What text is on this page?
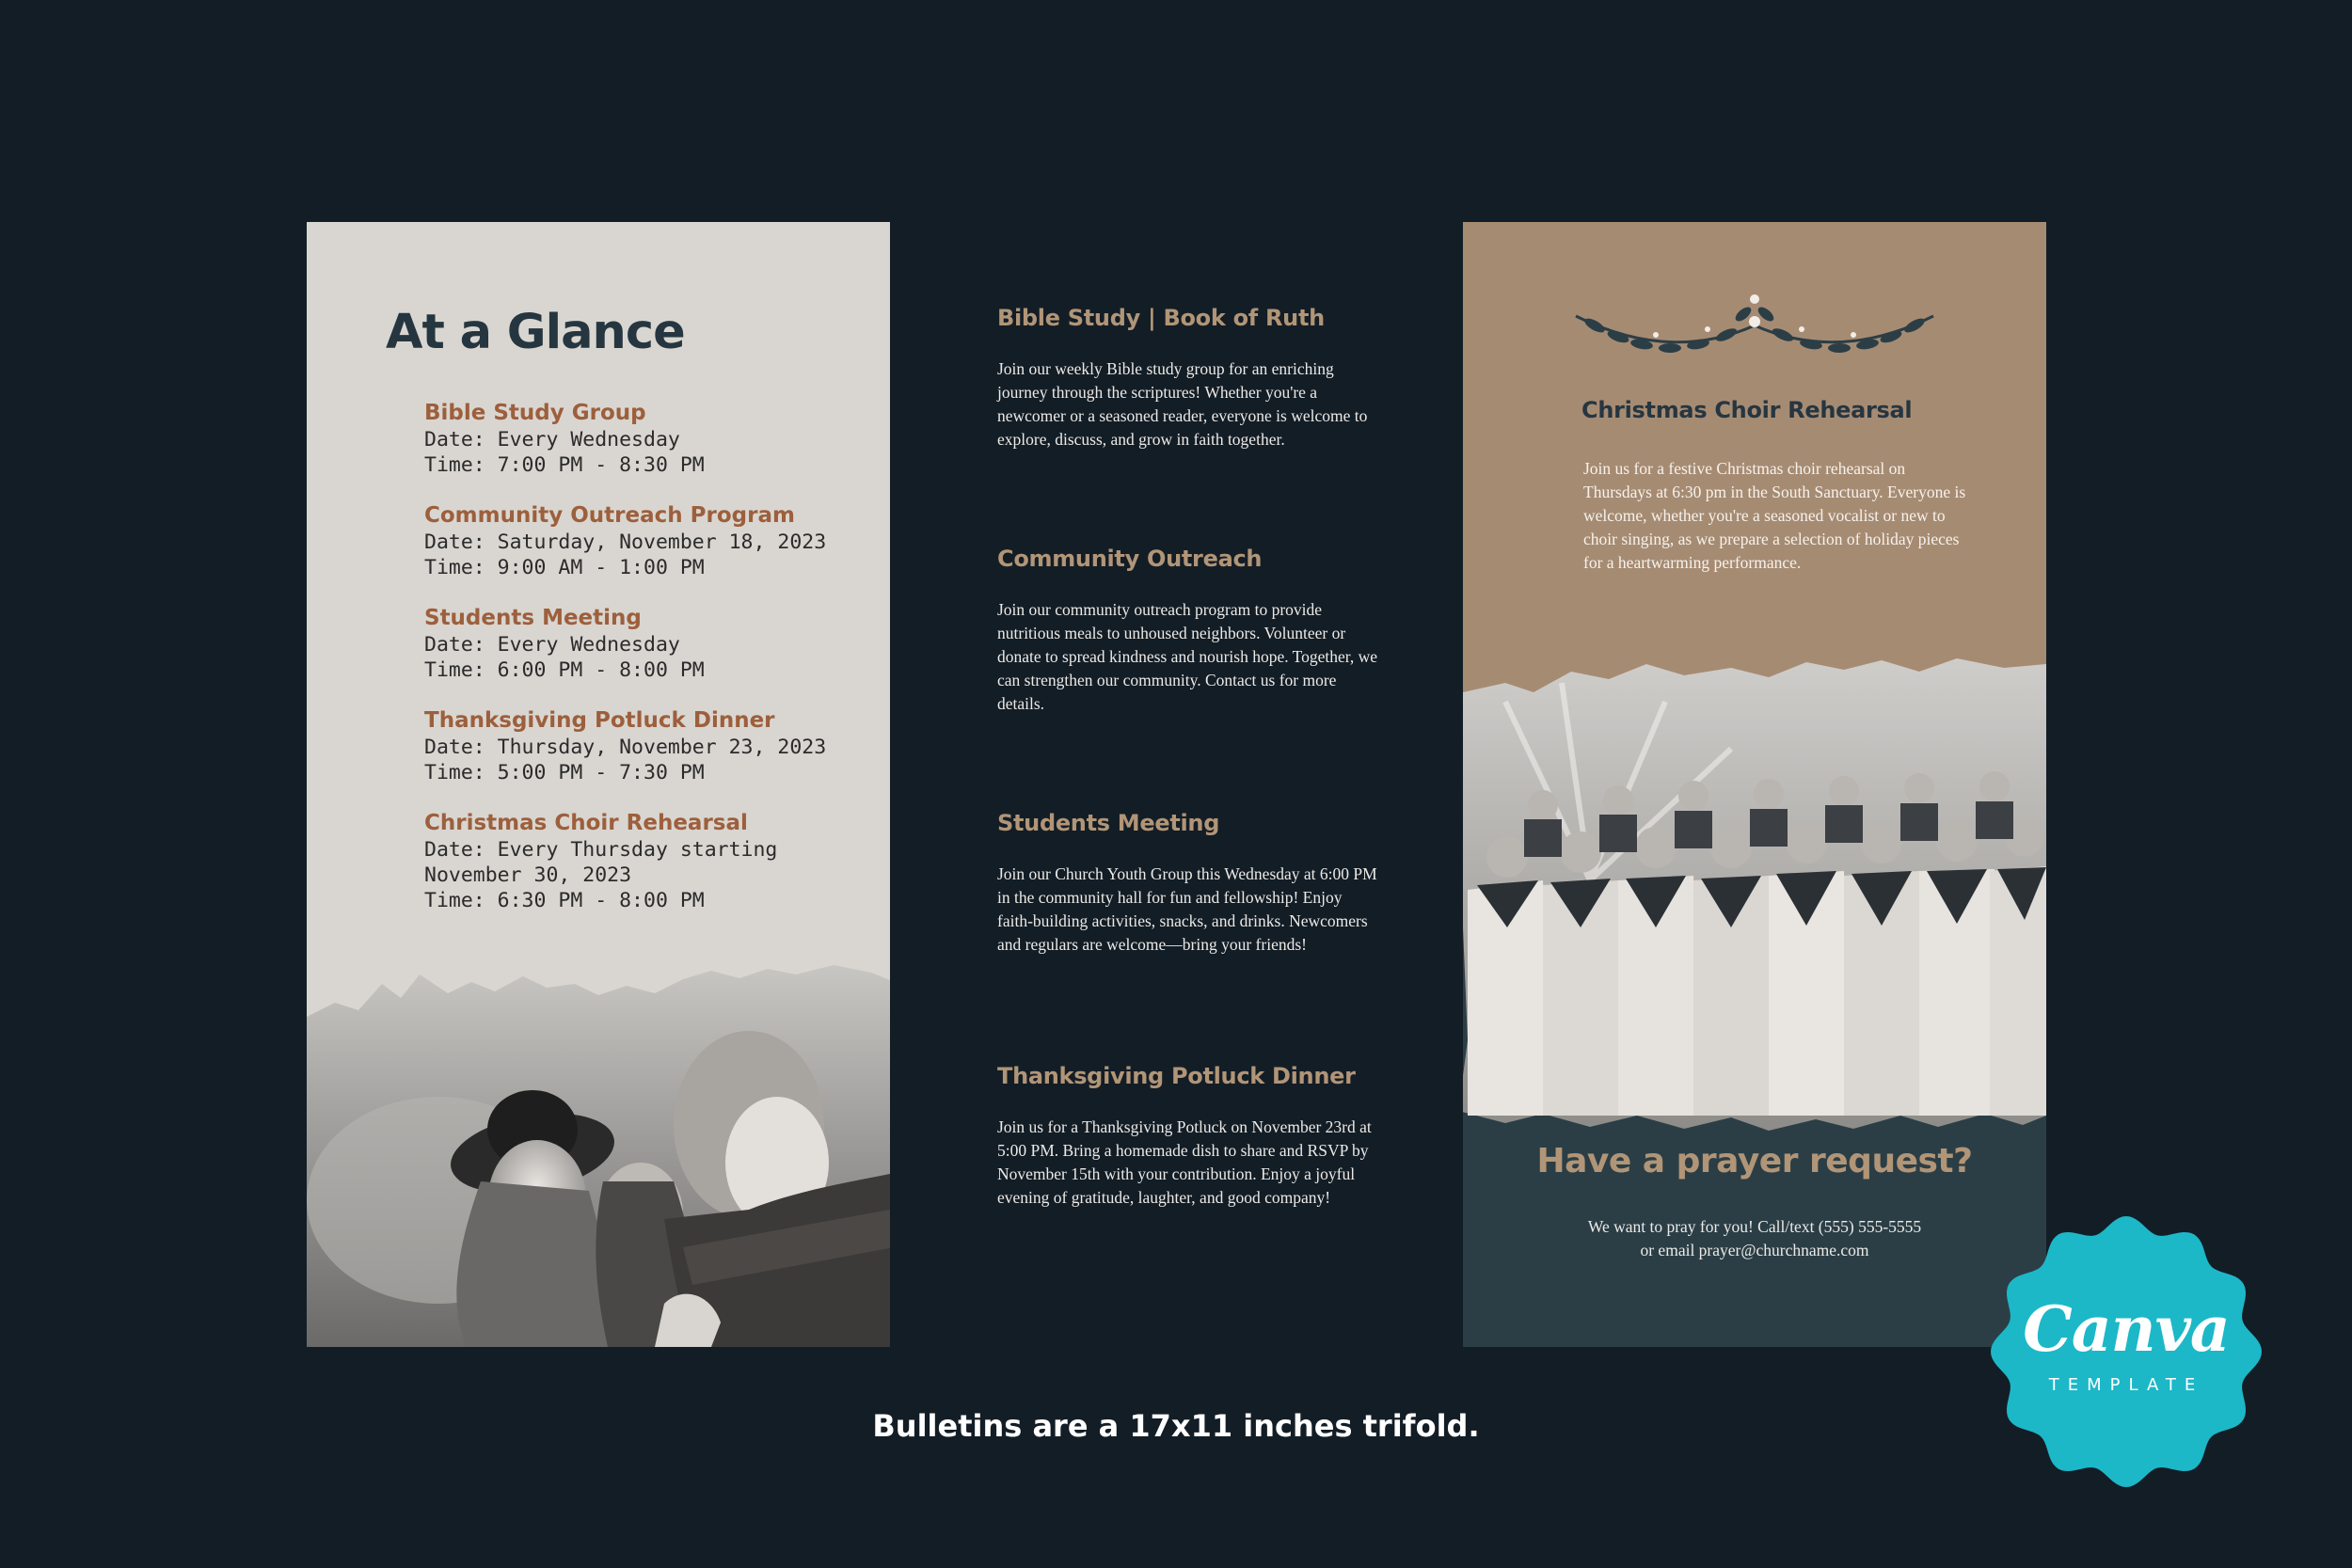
At a Glance
Bible Study Group
Date: Every Wednesday
Time: 7:00 PM - 8:30 PM
Community Outreach Program
Date: Saturday, November 18, 2023
Time: 9:00 AM - 1:00 PM
Students Meeting
Date: Every Wednesday
Time: 6:00 PM - 8:00 PM
Thanksgiving Potluck Dinner
Date: Thursday, November 23, 2023
Time: 5:00 PM - 7:30 PM
Christmas Choir Rehearsal
Date: Every Thursday starting
November 30, 2023
Time: 6:30 PM - 8:00 PM
Bible Study | Book of Ruth

Join our weekly Bible study group for an enriching journey through the scriptures! Whether you're a newcomer or a seasoned reader, everyone is welcome to explore, discuss, and grow in faith together.

Community Outreach

Join our community outreach program to provide nutritious meals to unhoused neighbors. Volunteer or donate to spread kindness and nourish hope. Together, we can strengthen our community. Contact us for more details.

Students Meeting

Join our Church Youth Group this Wednesday at 6:00 PM in the community hall for fun and fellowship! Enjoy faith-building activities, snacks, and drinks. Newcomers and regulars are welcome—bring your friends!

Thanksgiving Potluck Dinner

Join us for a Thanksgiving Potluck on November 23rd at 5:00 PM. Bring a homemade dish to share and RSVP by November 15th with your contribution. Enjoy a joyful evening of gratitude, laughter, and good company!

Christmas Choir Rehearsal

Join us for a festive Christmas choir rehearsal on Thursdays at 6:30 pm in the South Sanctuary. Everyone is welcome, whether you're a seasoned vocalist or new to choir singing, as we prepare a selection of holiday pieces for a heartwarming performance.

Have a prayer request?

We want to pray for you! Call/text (555) 555-5555
or email prayer@churchname.com

Bulletins are a 17x11 inches trifold.
Canva
TEMPLATE
